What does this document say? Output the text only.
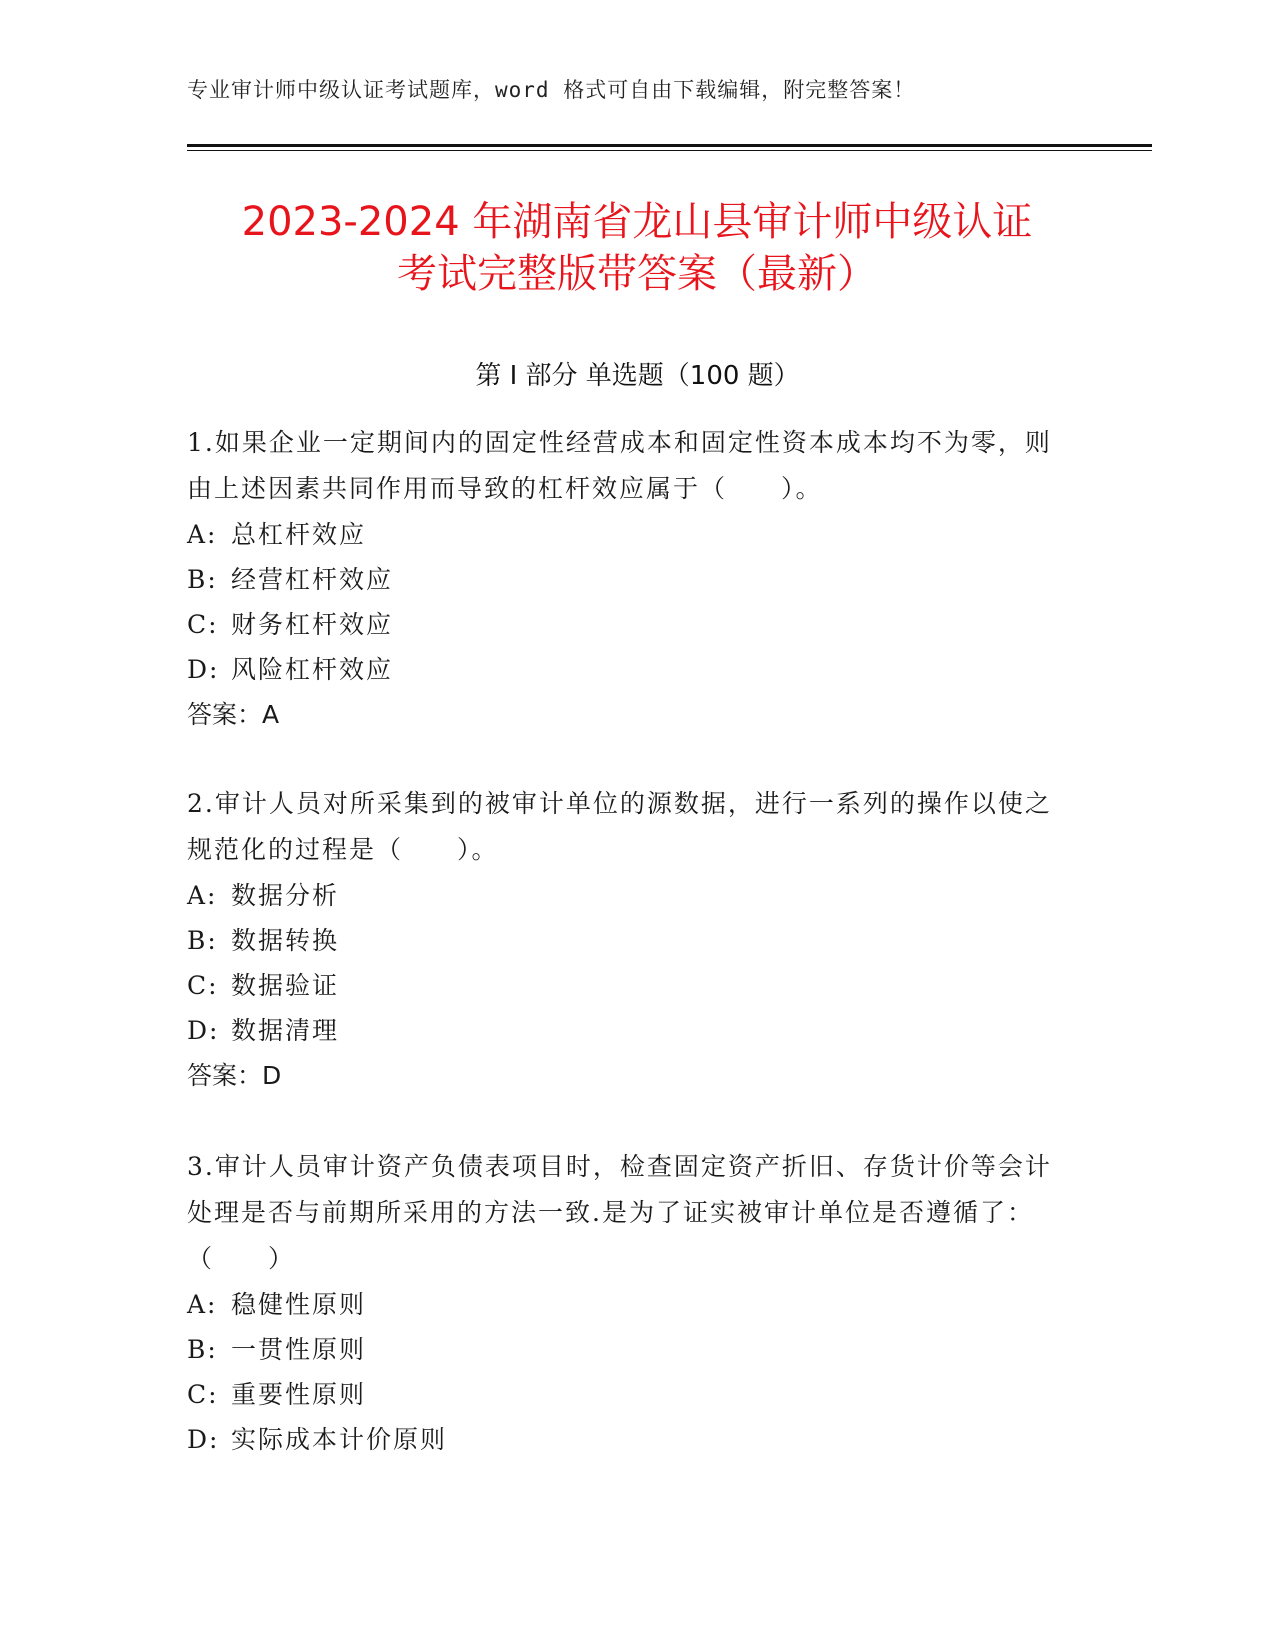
专业审计师中级认证考试题库，word 格式可自由下载编辑，附完整答案！
2023-2024 年湖南省龙山县审计师中级认证
考试完整版带答案（最新）
第 I 部分 单选题（100 题）

1.如果企业一定期间内的固定性经营成本和固定性资本成本均不为零，则由上述因素共同作用而导致的杠杆效应属于（　　）。

A: 总杠杆效应

B: 经营杠杆效应

C: 财务杠杆效应

D: 风险杠杆效应

答案：A

2.审计人员对所采集到的被审计单位的源数据，进行一系列的操作以使之规范化的过程是（　　）。

A: 数据分析

B: 数据转换

C: 数据验证

D: 数据清理

答案：D

3.审计人员审计资产负债表项目时，检查固定资产折旧、存货计价等会计处理是否与前期所采用的方法一致.是为了证实被审计单位是否遵循了：（　　）

A: 稳健性原则

B: 一贯性原则

C: 重要性原则

D: 实际成本计价原则
